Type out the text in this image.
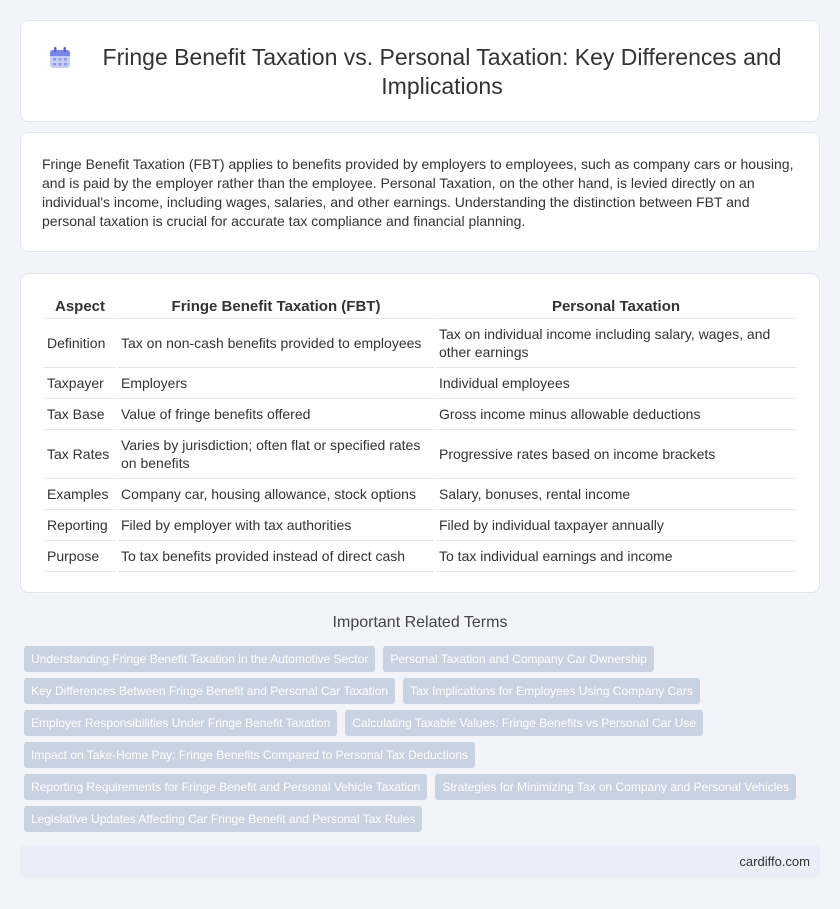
Fringe Benefit Taxation vs. Personal Taxation: Key Differences and Implications

Fringe Benefit Taxation (FBT) applies to benefits provided by employers to employees, such as company cars or housing, and is paid by the employer rather than the employee. Personal Taxation, on the other hand, is levied directly on an individual's income, including wages, salaries, and other earnings. Understanding the distinction between FBT and personal taxation is crucial for accurate tax compliance and financial planning.

Aspect	Fringe Benefit Taxation (FBT)	Personal Taxation
Definition	Tax on non-cash benefits provided to employees	Tax on individual income including salary, wages, and other earnings
Taxpayer	Employers	Individual employees
Tax Base	Value of fringe benefits offered	Gross income minus allowable deductions
Tax Rates	Varies by jurisdiction; often flat or specified rates on benefits	Progressive rates based on income brackets
Examples	Company car, housing allowance, stock options	Salary, bonuses, rental income
Reporting	Filed by employer with tax authorities	Filed by individual taxpayer annually
Purpose	To tax benefits provided instead of direct cash	To tax individual earnings and income
Important Related Terms
Understanding Fringe Benefit Taxation in the Automotive Sector	Personal Taxation and Company Car Ownership
Key Differences Between Fringe Benefit and Personal Car Taxation	Tax Implications for Employees Using Company Cars
Employer Responsibilities Under Fringe Benefit Taxation	Calculating Taxable Values: Fringe Benefits vs Personal Car Use
Impact on Take-Home Pay: Fringe Benefits Compared to Personal Tax Deductions
Reporting Requirements for Fringe Benefit and Personal Vehicle Taxation	Strategies for Minimizing Tax on Company and Personal Vehicles
Legislative Updates Affecting Car Fringe Benefit and Personal Tax Rules
cardiffo.com
